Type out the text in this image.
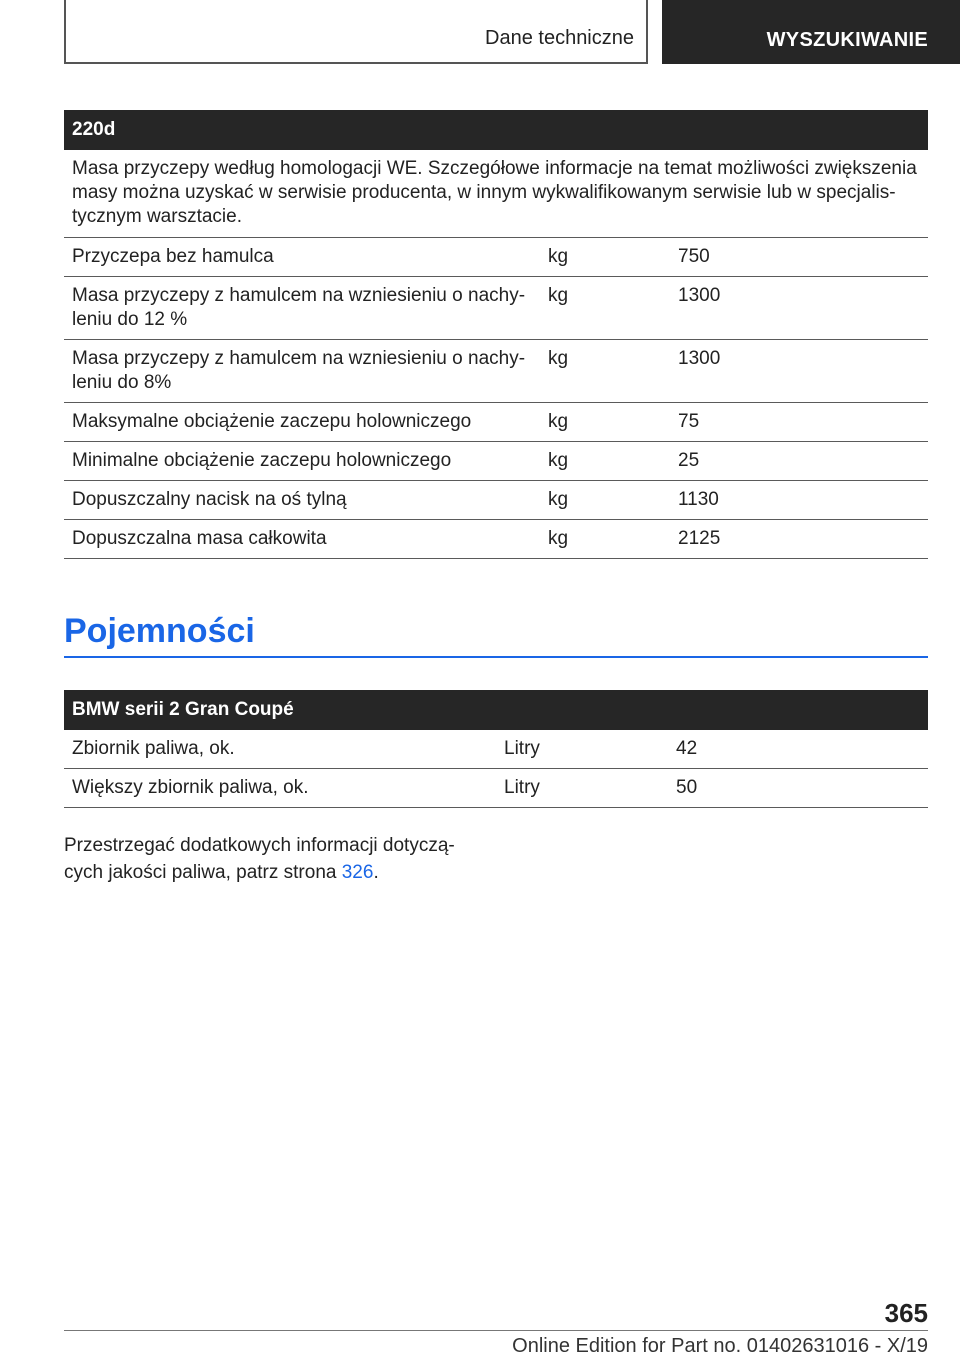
Dane techniczne	WYSZUKIWANIE
220d		
Masa przyczepy według homologacji WE. Szczegółowe informacje na temat możliwości zwiększenia masy można uzyskać w serwisie producenta, w innym wykwalifikowanym serwisie lub w specjalistycznym warsztacie.		
Przyczepa bez hamulca	kg	750
Masa przyczepy z hamulcem na wzniesieniu o nachyleniu do 12 %	kg	1300
Masa przyczepy z hamulcem na wzniesieniu o nachyleniu do 8%	kg	1300
Maksymalne obciążenie zaczepu holowniczego	kg	75
Minimalne obciążenie zaczepu holowniczego	kg	25
Dopuszczalny nacisk na oś tylną	kg	1130
Dopuszczalna masa całkowita	kg	2125
Pojemności
BMW serii 2 Gran Coupé		
Zbiornik paliwa, ok.	Litry	42
Większy zbiornik paliwa, ok.	Litry	50
Przestrzegać dodatkowych informacji dotyczących jakości paliwa, patrz strona 326.
365
Online Edition for Part no. 01402631016 - X/19
